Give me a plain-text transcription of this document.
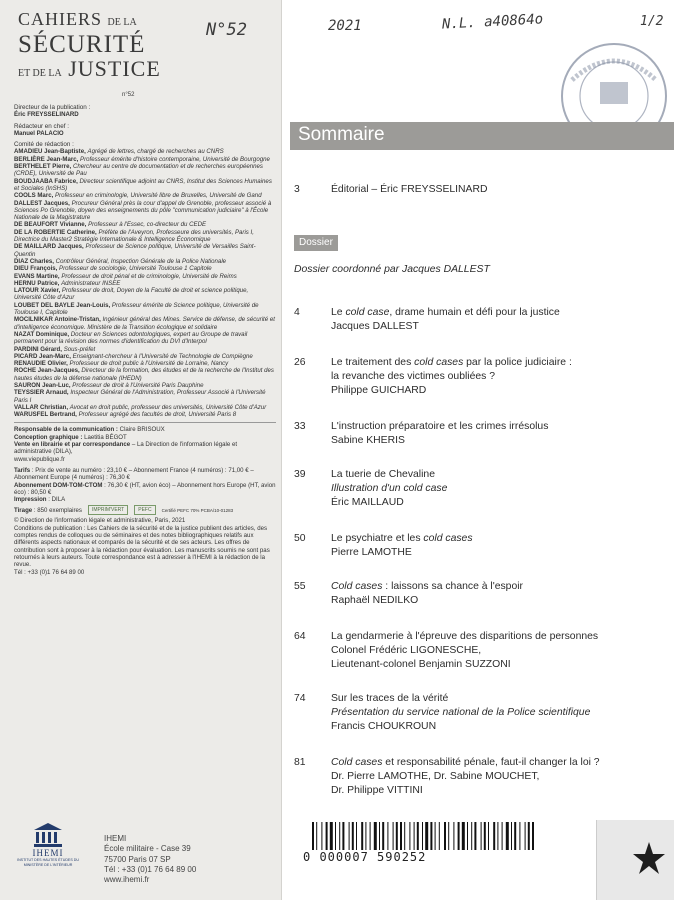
CAHIERS DE LA
SÉCURITÉ
ET DE LA JUSTICE
n°52
Directeur de la publication :
Éric FREYSSELINARD
Rédacteur en chef :
Manuel PALACIO
Comité de rédaction :
AMADIEU Jean-Baptiste, Agrégé de lettres, chargé de recherches au CNRS
BERLIÈRE Jean-Marc, Professeur émérite d'histoire contemporaine, Université de Bourgogne
BERTHELET Pierre, Chercheur au centre de documentation et de recherches européennes (CRDE), Université de Pau
BOUDJAABA Fabrice, Directeur scientifique adjoint au CNRS, Institut des Sciences Humaines et Sociales (InSHS)
COOLS Marc, Professeur en criminologie, Université libre de Bruxelles, Université de Gand
DALLEST Jacques, Procureur Général près la cour d'appel de Grenoble, professeur associé à Sciences Po Grenoble, doyen des enseignements du pôle "communication judiciaire" à l'École Nationale de la Magistrature
DE BEAUFORT Vivianne, Professeur à l'Essec, co-directeur du CEDE
DE LA ROBERTIE Catherine, Préfète de l'Aveyron, Professeure des universités, Paris I, Directrice du Master2 Stratégie Internationale & Intelligence Économique
DE MAILLARD Jacques, Professeur de Science politique, Université de Versailles Saint-Quentin
DIAZ Charles, Contrôleur Général, Inspection Générale de la Police Nationale
DIEU François, Professeur de sociologie, Université Toulouse 1 Capitole
EVANS Martine, Professeur de droit pénal et de criminologie, Université de Reims
HERNU Patrice, Administrateur INSEE
LATOUR Xavier, Professeur de droit, Doyen de la Faculté de droit et science politique, Université Côte d'Azur
LOUBET DEL BAYLE Jean-Louis, Professeur émérite de Science politique, Université de Toulouse I, Capitole
MOCILNIKAR Antoine-Tristan, Ingénieur général des Mines. Service de défense, de sécurité et d'intelligence économique. Ministère de la Transition écologique et solidaire
NAZAT Dominique, Docteur en Sciences odontologiques, expert au Groupe de travail permanent pour la révision des normes d'identification du DVI d'Interpol
PARDINI Gérard, Sous-préfet
PICARD Jean-Marc, Enseignant-chercheur à l'Université de Technologie de Compiègne
RENAUDIE Olivier, Professeur de droit public à l'Université de Lorraine, Nancy
ROCHE Jean-Jacques, Directeur de la formation, des études et de la recherche de l'Institut des hautes études de la défense nationale (IHEDN)
SAURON Jean-Luc, Professeur de droit à l'Université Paris Dauphine
TEYSSIER Arnaud, Inspecteur Général de l'Administration, Professeur Associé à l'Université Paris I
VALLAR Christian, Avocat en droit public, professeur des universités, Université Côte d'Azur
WARUSFEL Bertrand, Professeur agrégé des facultés de droit, Université Paris 8
Responsable de la communication : Claire BRISOUX
Conception graphique : Laetitia BÉGOT
Vente en librairie et par correspondance – La Direction de l'information légale et administrative (DILA),
www.viepublique.fr
Tarifs : Prix de vente au numéro : 23,10 € – Abonnement France (4 numéros) : 71,00 € – Abonnement Europe (4 numéros) : 76,30 €
Abonnement DOM-TOM-CTOM : 76,30 € (HT, avion éco) – Abonnement hors Europe (HT, avion éco) : 80,50 €
Impression : DILA
Tirage : 850 exemplaires	IMPRIM'VERT	PEFC	Certifié PEFC 70% PCBA/10-01283
© Direction de l'information légale et administrative, Paris, 2021
Conditions de publication : Les Cahiers de la sécurité et de la justice publient des articles, des comptes rendus de colloques ou de séminaires et des notes bibliographiques relatifs aux différents aspects nationaux et comparés de la sécurité et de ses acteurs. Les offres de contribution sont à proposer à la rédaction pour évaluation. Les manuscrits soumis ne sont pas retournés à leurs auteurs. Toute correspondance est à adresser à l'IHEMI à la rédaction de la revue.
Tél : +33 (0)1 76 64 89 00
IHEMI
INSTITUT DES HAUTES ÉTUDES DU MINISTÈRE DE L'INTÉRIEUR
IHEMI
École militaire - Case 39
75700 Paris 07 SP
Tél : +33 (0)1 76 64 89 00
www.ihemi.fr
N°52	2021	N.L. a40864o	1/2
Sommaire
3	Éditorial – Éric FREYSSELINARD
Dossier
Dossier coordonné par Jacques DALLEST
4	Le cold case, drame humain et défi pour la justice
Jacques DALLEST
26	Le traitement des cold cases par la police judiciaire :
la revanche des victimes oubliées ?
Philippe GUICHARD
33	L'instruction préparatoire et les crimes irrésolus
Sabine KHERIS
39	La tuerie de Chevaline
Illustration d'un cold case
Éric MAILLAUD
50	Le psychiatre et les cold cases
Pierre LAMOTHE
55	Cold cases : laissons sa chance à l'espoir
Raphaël NEDILKO
64	La gendarmerie à l'épreuve des disparitions de personnes
Colonel Frédéric LIGONESCHE,
Lieutenant-colonel Benjamin SUZZONI
74	Sur les traces de la vérité
Présentation du service national de la Police scientifique
Francis CHOUKROUN
81	Cold cases et responsabilité pénale, faut-il changer la loi ?
Dr. Pierre LAMOTHE, Dr. Sabine MOUCHET,
Dr. Philippe VITTINI
0 000007 590252
